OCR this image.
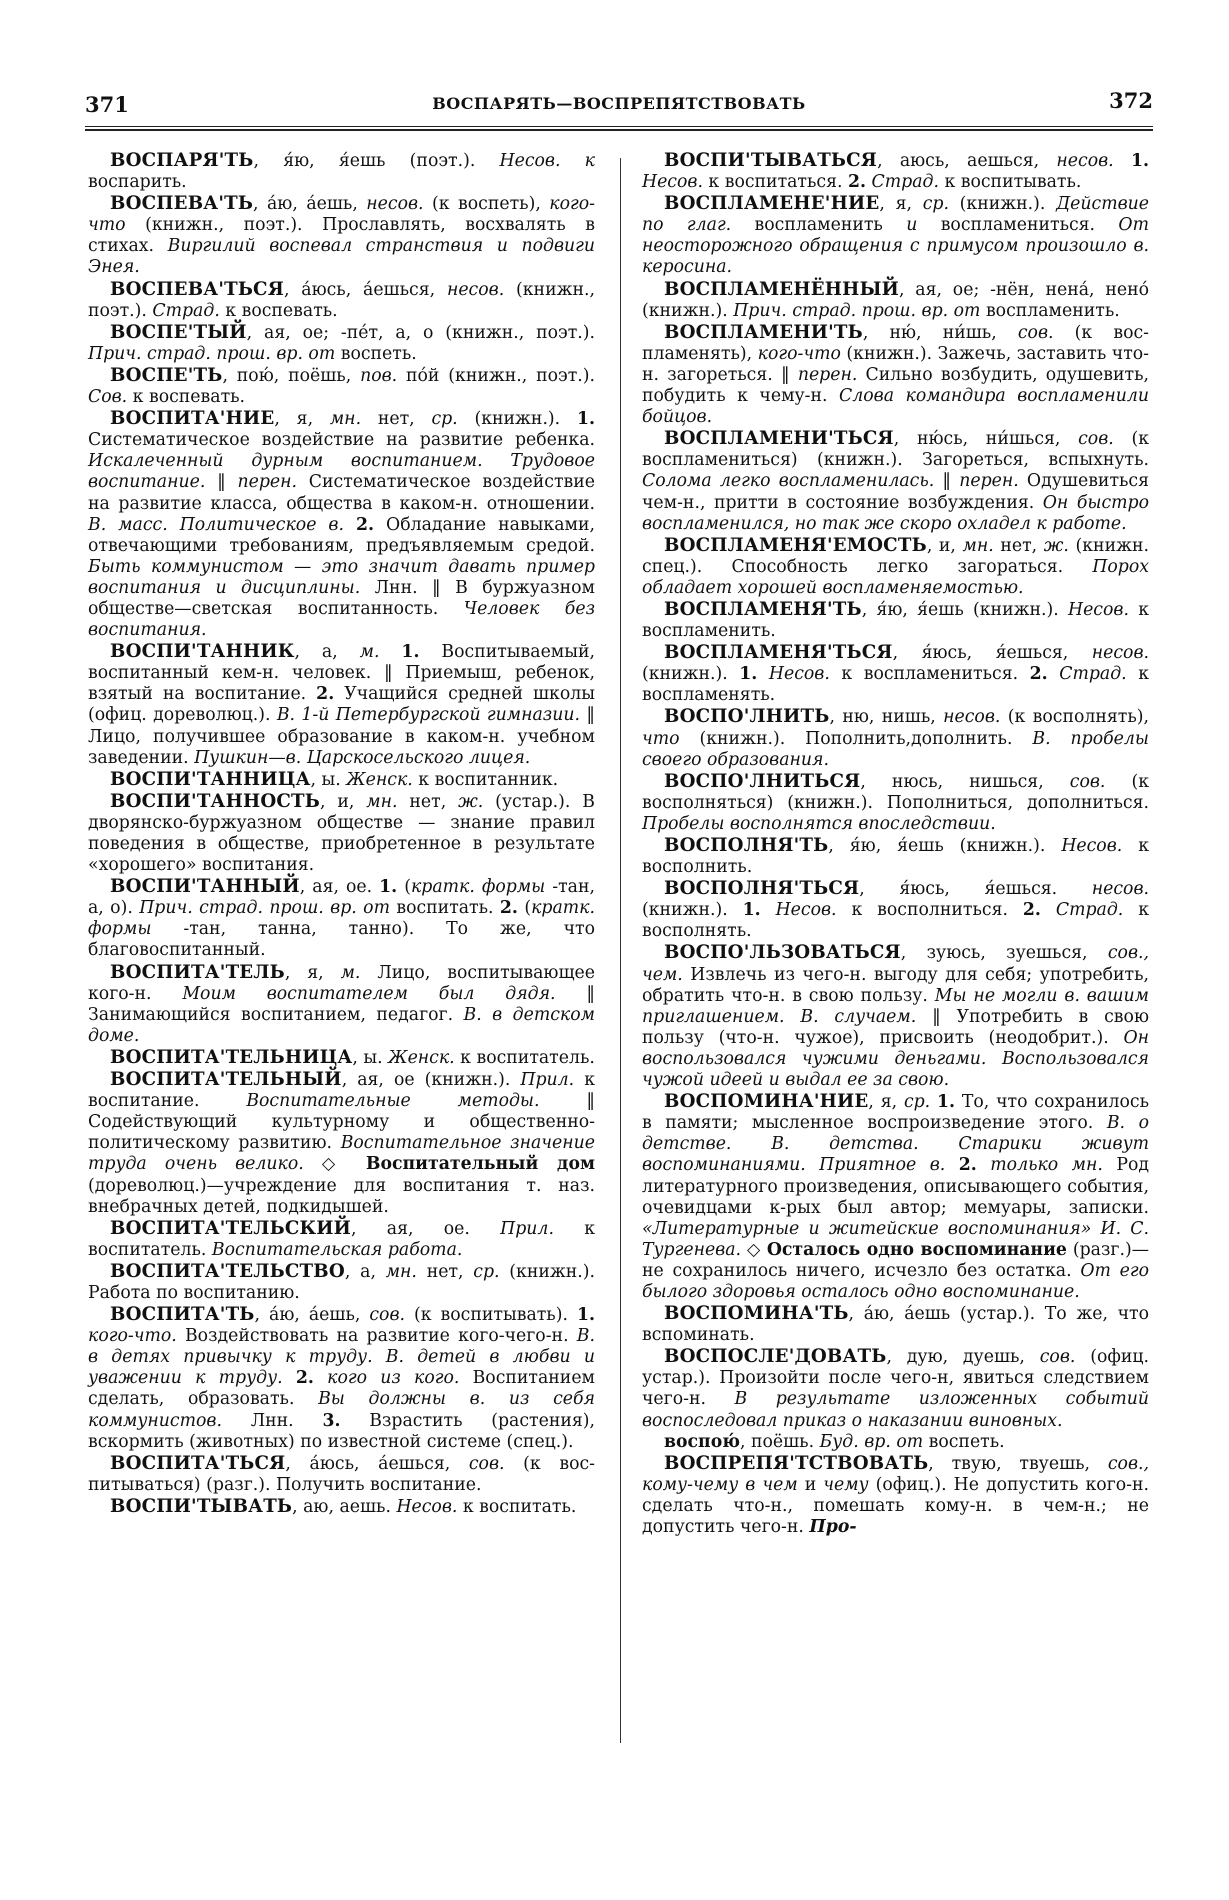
371	ВОСПАРЯТЬ—ВОСПРЕПЯТСТВОВАТЬ	372

ВОСПАРЯ'ТЬ, я́ю, я́ешь (поэт.). Несов. к воспарить.

ВОСПЕВА'ТЬ, а́ю, а́ешь, несов. (к воспеть), кого-что (книжн., поэт.). Прославлять, восхвалять в стихах. Виргилий воспевал странствия и подвиги Энея.

ВОСПЕВА'ТЬСЯ, а́юсь, а́ешься, несов. (книжн., поэт.). Страд. к воспевать.

ВОСПЕ'ТЫЙ, ая, ое; -пе́т, а, о (книжн., поэт.). Прич. страд. прош. вр. от воспеть.

ВОСПЕ'ТЬ, пою́, поёшь, пов. по́й (книжн., поэт.). Сов. к воспевать.

ВОСПИТА'НИЕ, я, мн. нет, ср. (книжн.). 1. Систематическое воздействие на развитие ребенка. Искалеченный дурным воспитанием. Трудовое воспитание. ‖ перен. Систематическое воздействие на развитие класса, общества в каком-н. отношении. В. масс. Политическое в. 2. Обладание навыками, отвечающими требованиям, предъявляемым средой. Быть коммунистом — это значит давать пример воспитания и дисциплины. Лнн. ‖ В буржуазном обществе—светская воспитанность. Человек без воспитания.

ВОСПИ'ТАННИК, а, м. 1. Воспитываемый, воспитанный кем-н. человек. ‖ Приемыш, ребенок, взятый на воспитание. 2. Учащийся средней школы (офиц. дореволюц.). В. 1-й Петербургской гимназии. ‖ Лицо, получившее образование в каком-н. учебном заведении. Пушкин—в. Царскосельского лицея.

ВОСПИ'ТАННИЦА, ы. Женск. к воспитанник.

ВОСПИ'ТАННОСТЬ, и, мн. нет, ж. (устар.). В дворянско-буржуазном обществе — знание правил поведения в обществе, приобретенное в результате «хорошего» воспитания.

ВОСПИ'ТАННЫЙ, ая, ое. 1. (кратк. формы -тан, а, о). Прич. страд. прош. вр. от воспитать. 2. (кратк. формы -тан, танна, танно). То же, что благовоспитанный.

ВОСПИТА'ТЕЛЬ, я, м. Лицо, воспитывающее кого-н. Моим воспитателем был дядя. ‖ Занимающийся воспитанием, педагог. В. в детском доме.

ВОСПИТА'ТЕЛЬНИЦА, ы. Женск. к воспитатель.

ВОСПИТА'ТЕЛЬНЫЙ, ая, ое (книжн.). Прил. к воспитание. Воспитательные методы. ‖ Содействующий культурному и общественно-политическому развитию. Воспитательное значение труда очень велико. ◇ Воспитательный дом (дореволюц.)—учреждение для воспитания т. наз. внебрачных детей, подкидышей.

ВОСПИТА'ТЕЛЬСКИЙ, ая, ое. Прил. к воспитатель. Воспитательская работа.

ВОСПИТА'ТЕЛЬСТВО, а, мн. нет, ср. (книжн.). Работа по воспитанию.

ВОСПИТА'ТЬ, а́ю, а́ешь, сов. (к воспитывать). 1. кого-что. Воздействовать на развитие кого-чего-н. В. в детях привычку к труду. В. детей в любви и уважении к труду. 2. кого из кого. Воспитанием сделать, образовать. Вы должны в. из себя коммунистов. Лнн. 3. Взрастить (растения), вскормить (животных) по известной системе (спец.).

ВОСПИТА'ТЬСЯ, а́юсь, а́ешься, сов. (к воспитываться) (разг.). Получить воспитание.

ВОСПИ'ТЫВАТЬ, аю, аешь. Несов. к воспитать.

ВОСПИ'ТЫВАТЬСЯ, аюсь, аешься, несов. 1. Несов. к воспитаться. 2. Страд. к воспитывать.

ВОСПЛАМЕНЕ'НИЕ, я, ср. (книжн.). Действие по глаг. воспламенить и воспламениться. От неосторожного обращения с примусом произошло в. керосина.

ВОСПЛАМЕНЁННЫЙ, ая, ое; -нён, нена́, нено́ (книжн.). Прич. страд. прош. вр. от воспламенить.

ВОСПЛАМЕНИ'ТЬ, ню́, ни́шь, сов. (к воспламенять), кого-что (книжн.). Зажечь, заставить что-н. загореться. ‖ перен. Сильно возбудить, одушевить, побудить к чему-н. Слова командира воспламенили бойцов.

ВОСПЛАМЕНИ'ТЬСЯ, ню́сь, ни́шься, сов. (к воспламениться) (книжн.). Загореться, вспыхнуть. Солома легко воспламенилась. ‖ перен. Одушевиться чем-н., притти в состояние возбуждения. Он быстро воспламенился, но так же скоро охладел к работе.

ВОСПЛАМЕНЯ'ЕМОСТЬ, и, мн. нет, ж. (книжн. спец.). Способность легко загораться. Порох обладает хорошей воспламеняемостью.

ВОСПЛАМЕНЯ'ТЬ, я́ю, я́ешь (книжн.). Несов. к воспламенить.

ВОСПЛАМЕНЯ'ТЬСЯ, я́юсь, я́ешься, несов. (книжн.). 1. Несов. к воспламениться. 2. Страд. к воспламенять.

ВОСПО'ЛНИТЬ, ню, нишь, несов. (к восполнять), что (книжн.). Пополнить,дополнить. В. пробелы своего образования.

ВОСПО'ЛНИТЬСЯ, нюсь, нишься, сов. (к восполняться) (книжн.). Пополниться, дополниться. Пробелы восполнятся впоследствии.

ВОСПОЛНЯ'ТЬ, я́ю, я́ешь (книжн.). Несов. к восполнить.

ВОСПОЛНЯ'ТЬСЯ, я́юсь, я́ешься. несов. (книжн.). 1. Несов. к восполниться. 2. Страд. к восполнять.

ВОСПО'ЛЬЗОВАТЬСЯ, зуюсь, зуешься, сов., чем. Извлечь из чего-н. выгоду для себя; употребить, обратить что-н. в свою пользу. Мы не могли в. вашим приглашением. В. случаем. ‖ Употребить в свою пользу (что-н. чужое), присвоить (неодобрит.). Он воспользовался чужими деньгами. Воспользовался чужой идеей и выдал ее за свою.

ВОСПОМИНА'НИЕ, я, ср. 1. То, что сохранилось в памяти; мысленное воспроизведение этого. В. о детстве. В. детства. Старики живут воспоминаниями. Приятное в. 2. только мн. Род литературного произведения, описывающего события, очевидцами к-рых был автор; мемуары, записки. «Литературные и житейские воспоминания» И. С. Тургенева. ◇ Осталось одно воспоминание (разг.)—не сохранилось ничего, исчезло без остатка. От его былого здоровья осталось одно воспоминание.

ВОСПОМИНА'ТЬ, а́ю, а́ешь (устар.). То же, что вспоминать.

ВОСПОСЛЕ'ДОВАТЬ, дую, дуешь, сов. (офиц. устар.). Произойти после чего-н, явиться следствием чего-н. В результате изложенных событий воспоследовал приказ о наказании виновных.

воспою́, поёшь. Буд. вр. от воспеть.

ВОСПРЕПЯ'ТСТВОВАТЬ, твую, твуешь, сов., кому-чему в чем и чему (офиц.). Не допустить кого-н. сделать что-н., помешать кому-н. в чем-н.; не допустить чего-н. Про-
